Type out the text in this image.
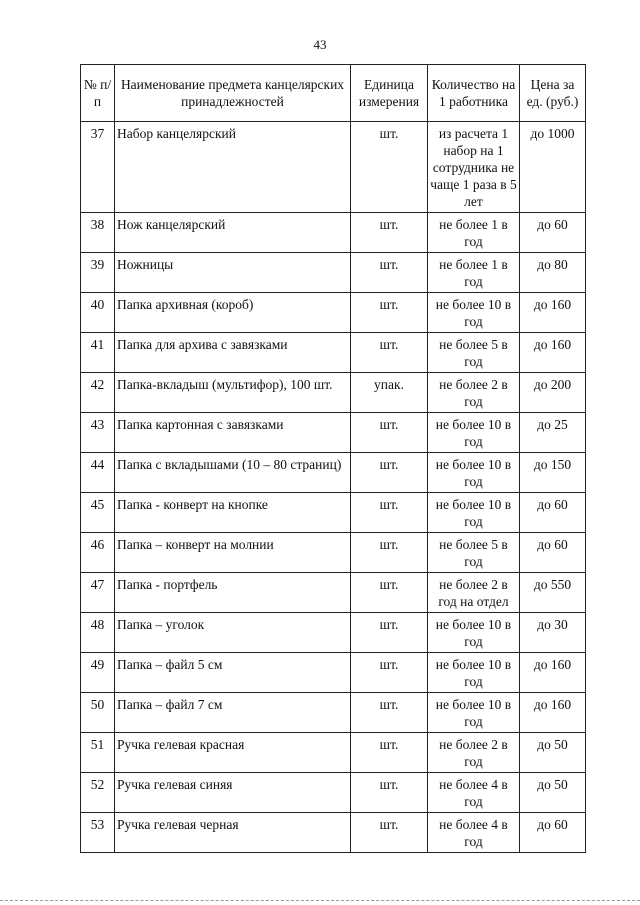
43
№ п/п	Наименование предмета канцелярских принадлежностей	Единица измерения	Количество на 1 работника	Цена за ед. (руб.)
37	Набор канцелярский	шт.	из расчета 1 набор на 1 сотрудника не чаще 1 раза в 5 лет	до 1000
38	Нож канцелярский	шт.	не более 1 в год	до 60
39	Ножницы	шт.	не более 1 в год	до 80
40	Папка архивная (короб)	шт.	не более 10 в год	до 160
41	Папка для архива с завязками	шт.	не более 5 в год	до 160
42	Папка-вкладыш (мультифор), 100 шт.	упак.	не более 2 в год	до 200
43	Папка картонная с завязками	шт.	не более 10 в год	до 25
44	Папка с вкладышами (10 – 80 страниц)	шт.	не более 10 в год	до 150
45	Папка - конверт на кнопке	шт.	не более 10 в год	до 60
46	Папка – конверт на молнии	шт.	не более 5 в год	до 60
47	Папка - портфель	шт.	не более 2 в год на отдел	до 550
48	Папка – уголок	шт.	не более 10 в год	до 30
49	Папка – файл 5 см	шт.	не более 10 в год	до 160
50	Папка – файл 7 см	шт.	не более 10 в год	до 160
51	Ручка гелевая красная	шт.	не более 2 в год	до 50
52	Ручка гелевая синяя	шт.	не более 4 в год	до 50
53	Ручка гелевая черная	шт.	не более 4 в год	до 60
